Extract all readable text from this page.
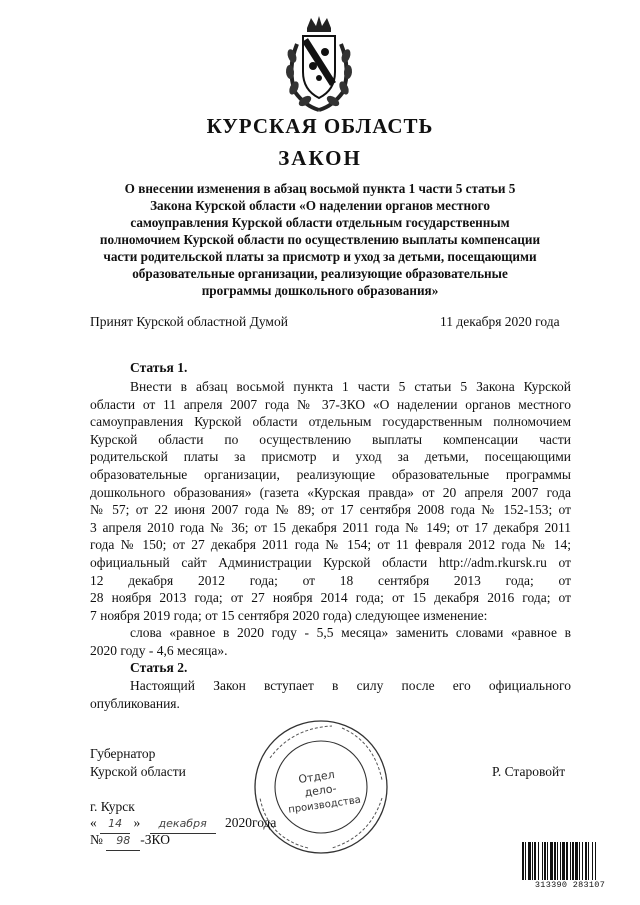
КУРСКАЯ ОБЛАСТЬ
ЗАКОН
О внесении изменения в абзац восьмой пункта 1 части 5 статьи 5
Закона Курской области «О наделении органов местного
самоуправления Курской области отдельным государственным
полномочием Курской области по осуществлению выплаты компенсации
части родительской платы за присмотр и уход за детьми, посещающими
образовательные организации, реализующие образовательные
программы дошкольного образования»
Принят Курской областной Думой	11 декабря 2020 года
Статья 1.
Внести в абзац восьмой пункта 1 части 5 статьи 5 Закона Курской
области от 11 апреля 2007 года № 37-ЗКО «О наделении органов местного
самоуправления Курской области отдельным государственным полномочием
Курской области по осуществлению выплаты компенсации части
родительской платы за присмотр и уход за детьми, посещающими
образовательные организации, реализующие образовательные программы
дошкольного образования» (газета «Курская правда» от 20 апреля 2007 года
№ 57; от 22 июня 2007 года № 89; от 17 сентября 2008 года № 152-153; от
3 апреля 2010 года № 36; от 15 декабря 2011 года № 149; от 17 декабря 2011
года № 150; от 27 декабря 2011 года № 154; от 11 февраля 2012 года № 14;
официальный сайт Администрации Курской области http://adm.rkursk.ru от
12 декабря 2012 года; от 18 сентября 2013 года; от
28 ноября 2013 года; от 27 ноября 2014 года; от 15 декабря 2016 года; от
7 ноября 2019 года; от 15 сентября 2020 года) следующее изменение:
слова «равное в 2020 году - 5,5 месяца» заменить словами «равное в
2020 году - 4,6 месяца».
Статья 2.
Настоящий Закон вступает в силу после его официального
опубликования.
Отдел
дело-
производства
Губернатор
Курской области	Р. Старовойт
г. Курск
« 14 » декабря 2020года
№ 98 -ЗКО
313390 283107
